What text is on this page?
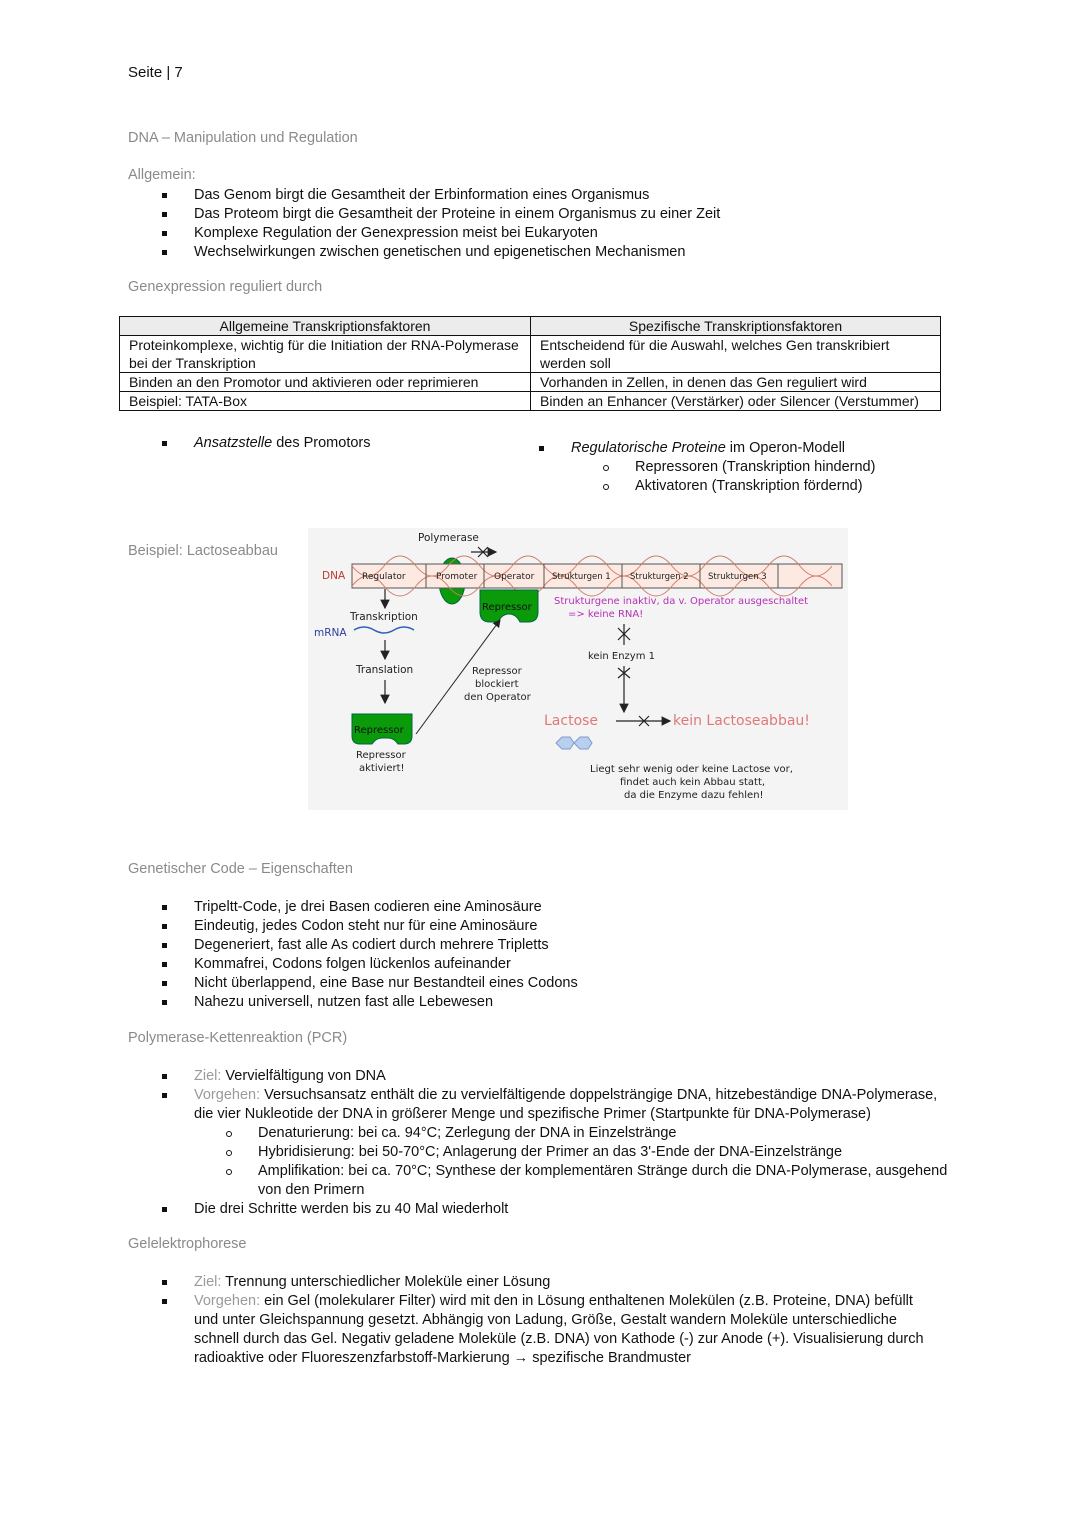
Seite | 7
DNA – Manipulation und Regulation
Allgemein:
Das Genom birgt die Gesamtheit der Erbinformation eines Organismus
Das Proteom birgt die Gesamtheit der Proteine in einem Organismus zu einer Zeit
Komplexe Regulation der Genexpression meist bei Eukaryoten
Wechselwirkungen zwischen genetischen und epigenetischen Mechanismen
Genexpression reguliert durch
Allgemeine Transkriptionsfaktoren	Spezifische Transkriptionsfaktoren
Proteinkomplexe, wichtig für die Initiation der RNA-Polymerase bei der Transkription	Entscheidend für die Auswahl, welches Gen transkribiert werden soll
Binden an den Promotor und aktivieren oder reprimieren	Vorhanden in Zellen, in denen das Gen reguliert wird
Beispiel: TATA-Box	Binden an Enhancer (Verstärker) oder Silencer (Verstummer)
Ansatzstelle des Promotors	Regulatorische Proteine im Operon-Modell
Repressoren (Transkription hindernd)
Aktivatoren (Transkription fördernd)
Beispiel: Lactoseabbau
Polymerase
DNA Regulator	Promoter Operator Strukturgen 1 Strukturgen 2 Strukturgen 3
Repressor
Transkription
mRNA
Translation
Repressor
Repressor
aktiviert!
Repressor
blockiert
den Operator
Strukturgene inaktiv, da v. Operator ausgeschaltet
=> keine RNA!
kein Enzym 1
Lactose	kein Lactoseabbau!
Liegt sehr wenig oder keine Lactose vor,
findet auch kein Abbau statt,
da die Enzyme dazu fehlen!
Genetischer Code – Eigenschaften
Tripeltt-Code, je drei Basen codieren eine Aminosäure
Eindeutig, jedes Codon steht nur für eine Aminosäure
Degeneriert, fast alle As codiert durch mehrere Tripletts
Kommafrei, Codons folgen lückenlos aufeinander
Nicht überlappend, eine Base nur Bestandteil eines Codons
Nahezu universell, nutzen fast alle Lebewesen
Polymerase-Kettenreaktion (PCR)
Ziel: Vervielfältigung von DNA
Vorgehen: Versuchsansatz enthält die zu vervielfältigende doppelsträngige DNA, hitzebeständige DNA-Polymerase, die vier Nukleotide der DNA in größerer Menge und spezifische Primer (Startpunkte für DNA-Polymerase)
Denaturierung: bei ca. 94°C; Zerlegung der DNA in Einzelstränge
Hybridisierung: bei 50-70°C; Anlagerung der Primer an das 3'-Ende der DNA-Einzelstränge
Amplifikation: bei ca. 70°C; Synthese der komplementären Stränge durch die DNA-Polymerase, ausgehend von den Primern
Die drei Schritte werden bis zu 40 Mal wiederholt
Gelelektrophorese
Ziel: Trennung unterschiedlicher Moleküle einer Lösung
Vorgehen: ein Gel (molekularer Filter) wird mit den in Lösung enthaltenen Molekülen (z.B. Proteine, DNA) befüllt und unter Gleichspannung gesetzt. Abhängig von Ladung, Größe, Gestalt wandern Moleküle unterschiedliche schnell durch das Gel. Negativ geladene Moleküle (z.B. DNA) von Kathode (-) zur Anode (+). Visualisierung durch radioaktive oder Fluoreszenzfarbstoff-Markierung → spezifische Brandmuster
